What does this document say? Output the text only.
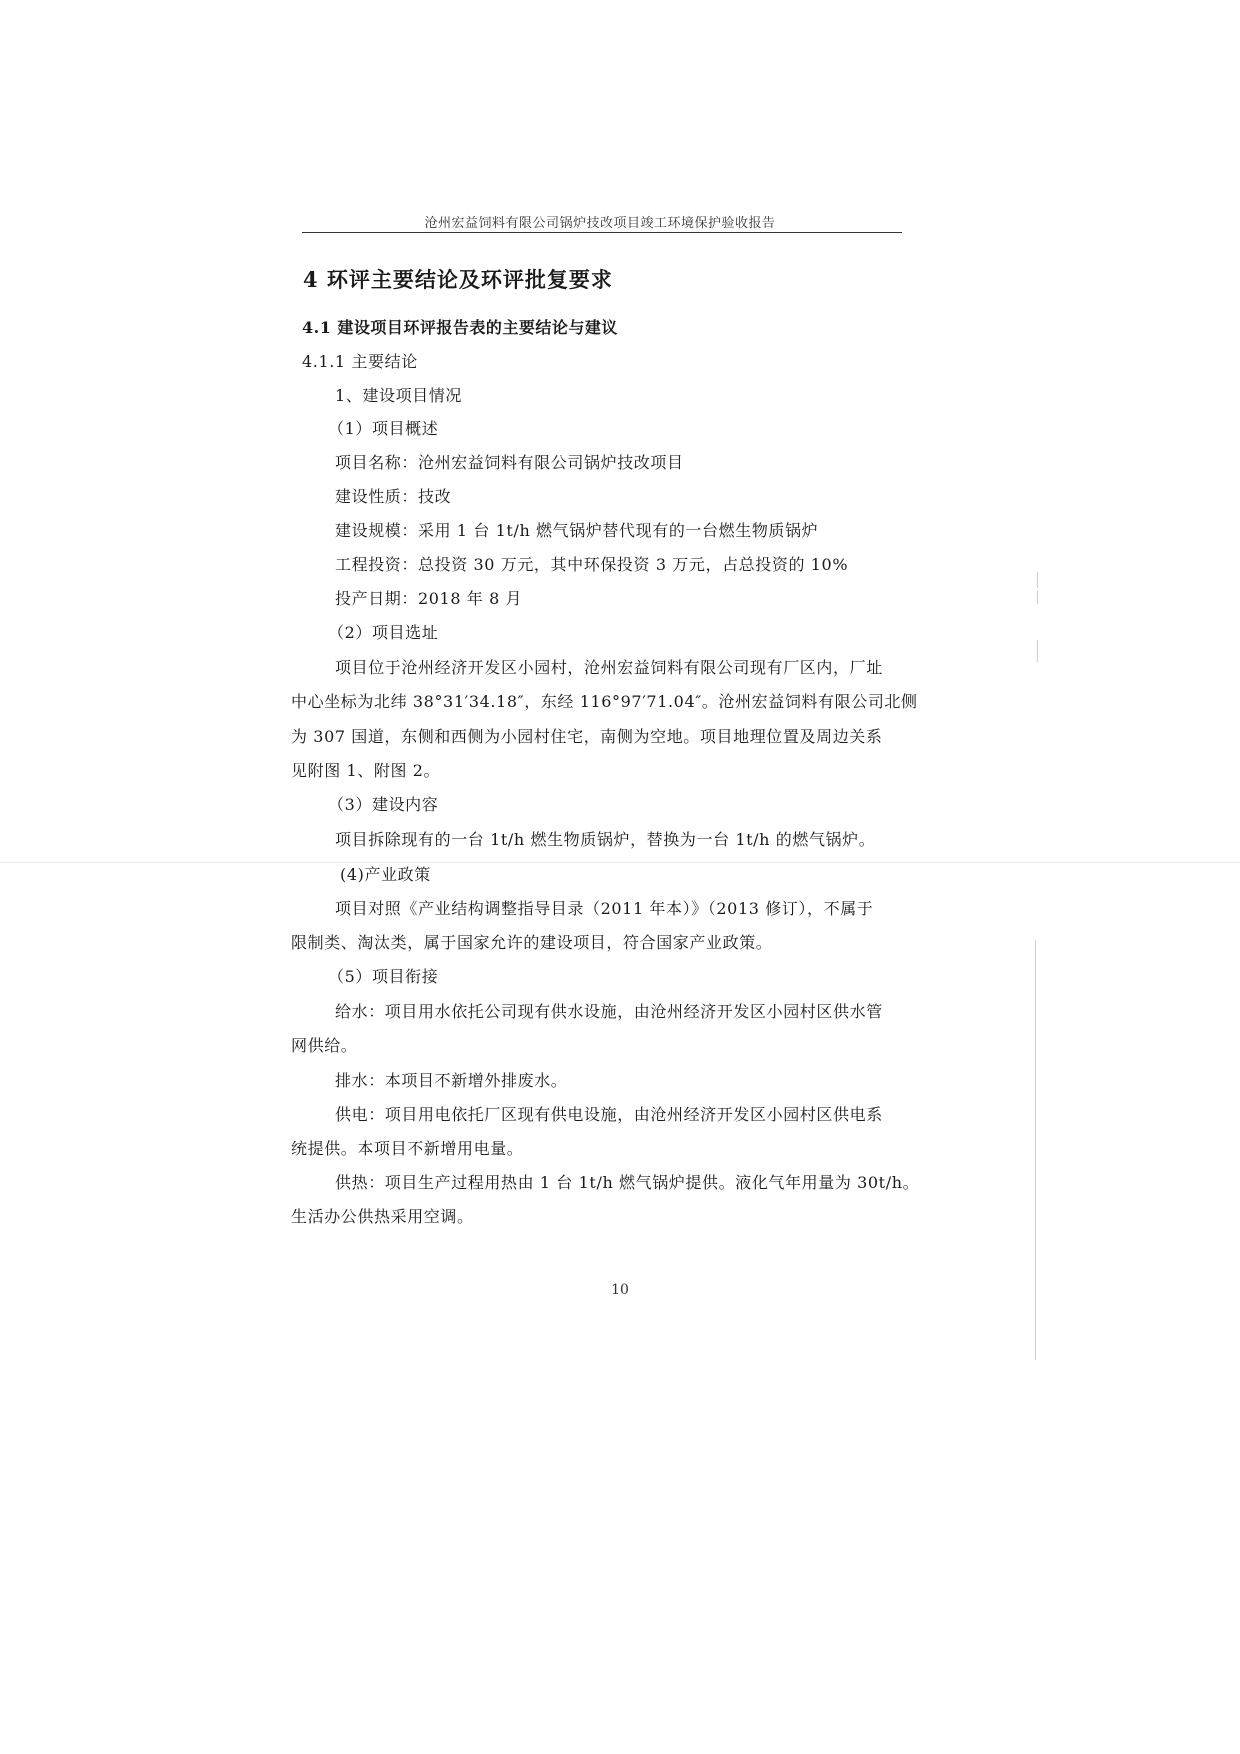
沧州宏益饲料有限公司锅炉技改项目竣工环境保护验收报告
4 环评主要结论及环评批复要求
4.1 建设项目环评报告表的主要结论与建议
4.1.1 主要结论
1、建设项目情况
（1）项目概述
项目名称：沧州宏益饲料有限公司锅炉技改项目
建设性质：技改
建设规模：采用 1 台 1t/h 燃气锅炉替代现有的一台燃生物质锅炉
工程投资：总投资 30 万元，其中环保投资 3 万元，占总投资的 10%
投产日期：2018 年 8 月
（2）项目选址
项目位于沧州经济开发区小园村，沧州宏益饲料有限公司现有厂区内，厂址
中心坐标为北纬 38°31′34.18″，东经 116°97′71.04″。沧州宏益饲料有限公司北侧
为 307 国道，东侧和西侧为小园村住宅，南侧为空地。项目地理位置及周边关系
见附图 1、附图 2。
（3）建设内容
项目拆除现有的一台 1t/h 燃生物质锅炉，替换为一台 1t/h 的燃气锅炉。
(4)产业政策
项目对照《产业结构调整指导目录（2011 年本）》（2013 修订），不属于
限制类、淘汰类，属于国家允许的建设项目，符合国家产业政策。
（5）项目衔接
给水：项目用水依托公司现有供水设施，由沧州经济开发区小园村区供水管
网供给。
排水：本项目不新增外排废水。
供电：项目用电依托厂区现有供电设施，由沧州经济开发区小园村区供电系
统提供。本项目不新增用电量。
供热：项目生产过程用热由 1 台 1t/h 燃气锅炉提供。液化气年用量为 30t/h。
生活办公供热采用空调。
10
